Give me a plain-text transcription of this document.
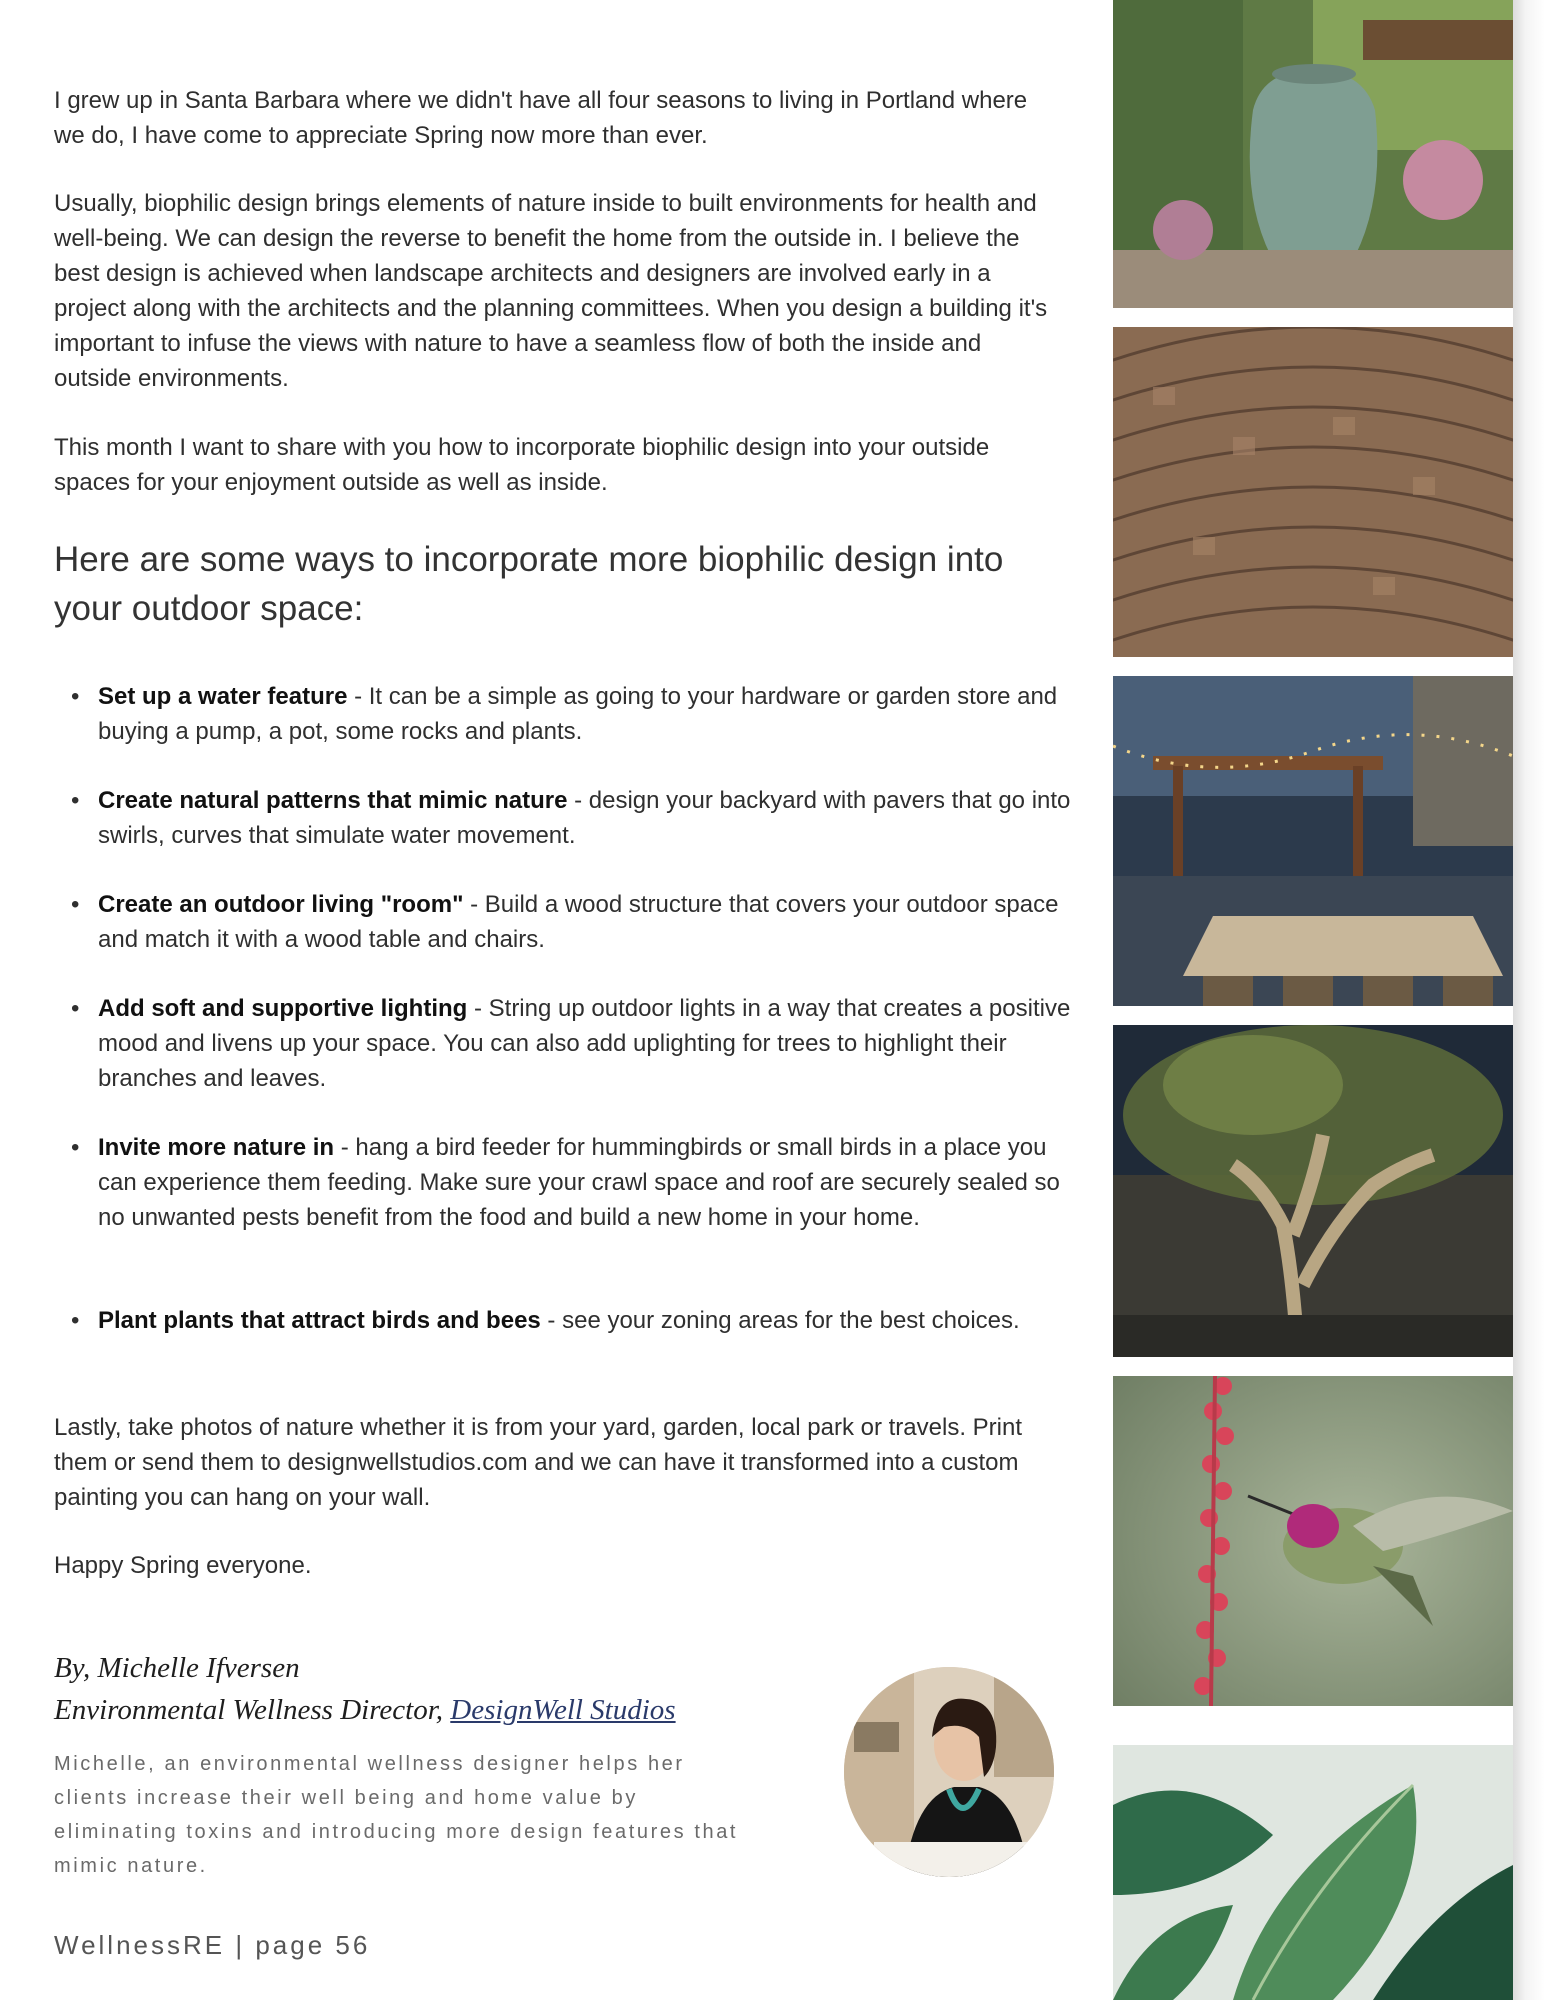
I grew up in Santa Barbara where we didn't have all four seasons to living in Portland where we do, I have come to appreciate Spring now more than ever.

Usually, biophilic design brings elements of nature inside to built environments for health and well-being. We can design the reverse to benefit the home from the outside in. I believe the best design is achieved when landscape architects and designers are involved early in a project along with the architects and the planning committees. When you design a building it's important to infuse the views with nature to have a seamless flow of both the inside and outside environments.

This month I want to share with you how to incorporate biophilic design into your outside spaces for your enjoyment outside as well as inside.

Here are some ways to incorporate more biophilic design into your outdoor space:
• Set up a water feature - It can be a simple as going to your hardware or garden store and buying a pump, a pot, some rocks and plants.
• Create natural patterns that mimic nature - design your backyard with pavers that go into swirls, curves that simulate water movement.
• Create an outdoor living "room" - Build a wood structure that covers your outdoor space and match it with a wood table and chairs.
• Add soft and supportive lighting - String up outdoor lights in a way that creates a positive mood and livens up your space. You can also add uplighting for trees to highlight their branches and leaves.
• Invite more nature in - hang a bird feeder for hummingbirds or small birds in a place you can experience them feeding. Make sure your crawl space and roof are securely sealed so no unwanted pests benefit from the food and build a new home in your home.
• Plant plants that attract birds and bees - see your zoning areas for the best choices.

Lastly, take photos of nature whether it is from your yard, garden, local park or travels. Print them or send them to designwellstudios.com and we can have it transformed into a custom painting you can hang on your wall.

Happy Spring everyone.

By, Michelle Ifversen
Environmental Wellness Director, DesignWell Studios
Michelle, an environmental wellness designer helps her clients increase their well being and home value by eliminating toxins and introducing more design features that mimic nature.
WellnessRE | page 56
